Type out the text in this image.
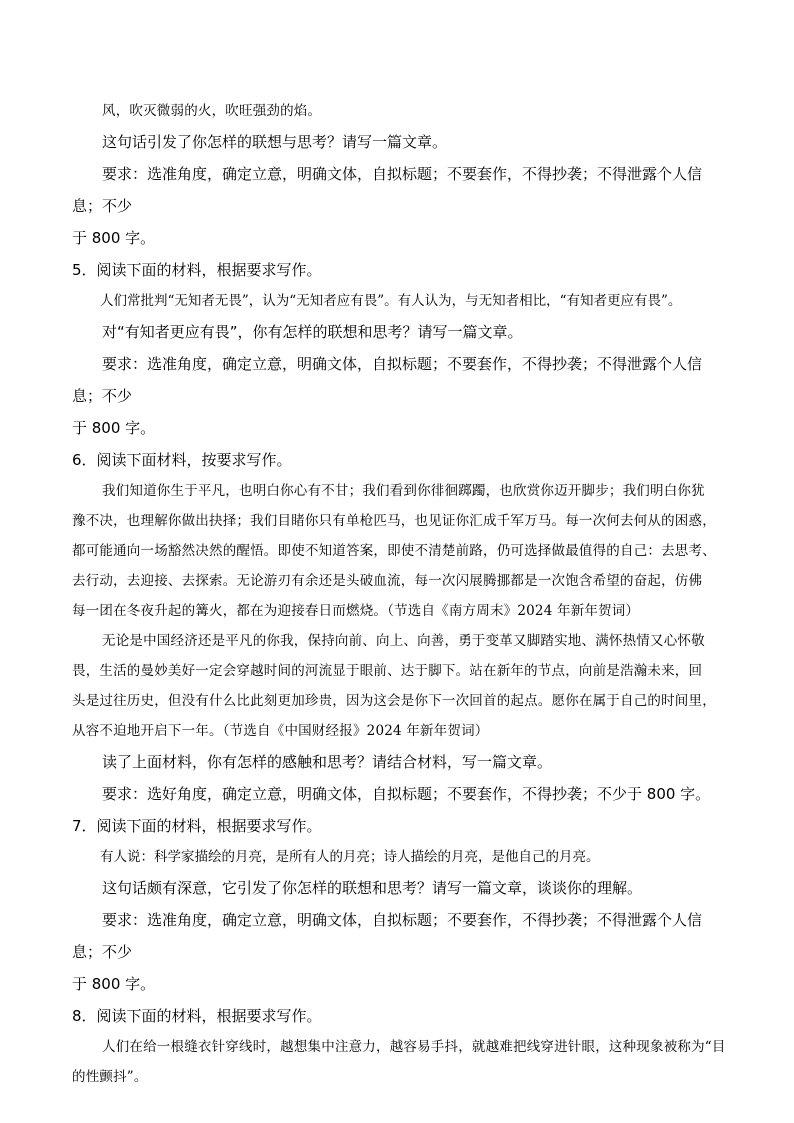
风，吹灭微弱的火，吹旺强劲的焰。

这句话引发了你怎样的联想与思考？请写一篇文章。

要求：选准角度，确定立意，明确文体，自拟标题；不要套作，不得抄袭；不得泄露个人信息；不少

于 800 字。

5．阅读下面的材料，根据要求写作。

人们常批判“无知者无畏”，认为“无知者应有畏”。有人认为，与无知者相比，“有知者更应有畏”。

对“有知者更应有畏”，你有怎样的联想和思考？请写一篇文章。

要求：选准角度，确定立意，明确文体，自拟标题；不要套作，不得抄袭；不得泄露个人信息；不少

于 800 字。

6．阅读下面材料，按要求写作。

我们知道你生于平凡，也明白你心有不甘；我们看到你徘徊踯躅，也欣赏你迈开脚步；我们明白你犹

豫不决，也理解你做出抉择；我们目睹你只有单枪匹马，也见证你汇成千军万马。每一次何去何从的困惑，

都可能通向一场豁然决然的醒悟。即使不知道答案，即使不清楚前路，仍可选择做最值得的自己：去思考、

去行动，去迎接、去探索。无论游刃有余还是头破血流，每一次闪展腾挪都是一次饱含希望的奋起，仿佛

每一团在冬夜升起的篝火，都在为迎接春日而燃烧。（节选自《南方周末》2024 年新年贺词）

无论是中国经济还是平凡的你我，保持向前、向上、向善，勇于变革又脚踏实地、满怀热情又心怀敬

畏，生活的曼妙美好一定会穿越时间的河流显于眼前、达于脚下。站在新年的节点，向前是浩瀚未来，回

头是过往历史，但没有什么比此刻更加珍贵，因为这会是你下一次回首的起点。愿你在属于自己的时间里，

从容不迫地开启下一年。（节选自《中国财经报》2024 年新年贺词）

读了上面材料，你有怎样的感触和思考？请结合材料，写一篇文章。

要求：选好角度，确定立意，明确文体，自拟标题；不要套作，不得抄袭；不少于 800 字。

7．阅读下面的材料，根据要求写作。

有人说：科学家描绘的月亮，是所有人的月亮；诗人描绘的月亮，是他自己的月亮。

这句话颇有深意，它引发了你怎样的联想和思考？请写一篇文章，谈谈你的理解。

要求：选准角度，确定立意，明确文体，自拟标题；不要套作，不得抄袭；不得泄露个人信息；不少

于 800 字。

8．阅读下面的材料，根据要求写作。

人们在给一根缝衣针穿线时，越想集中注意力，越容易手抖，就越难把线穿进针眼，这种现象被称为“目

的性颤抖”。
